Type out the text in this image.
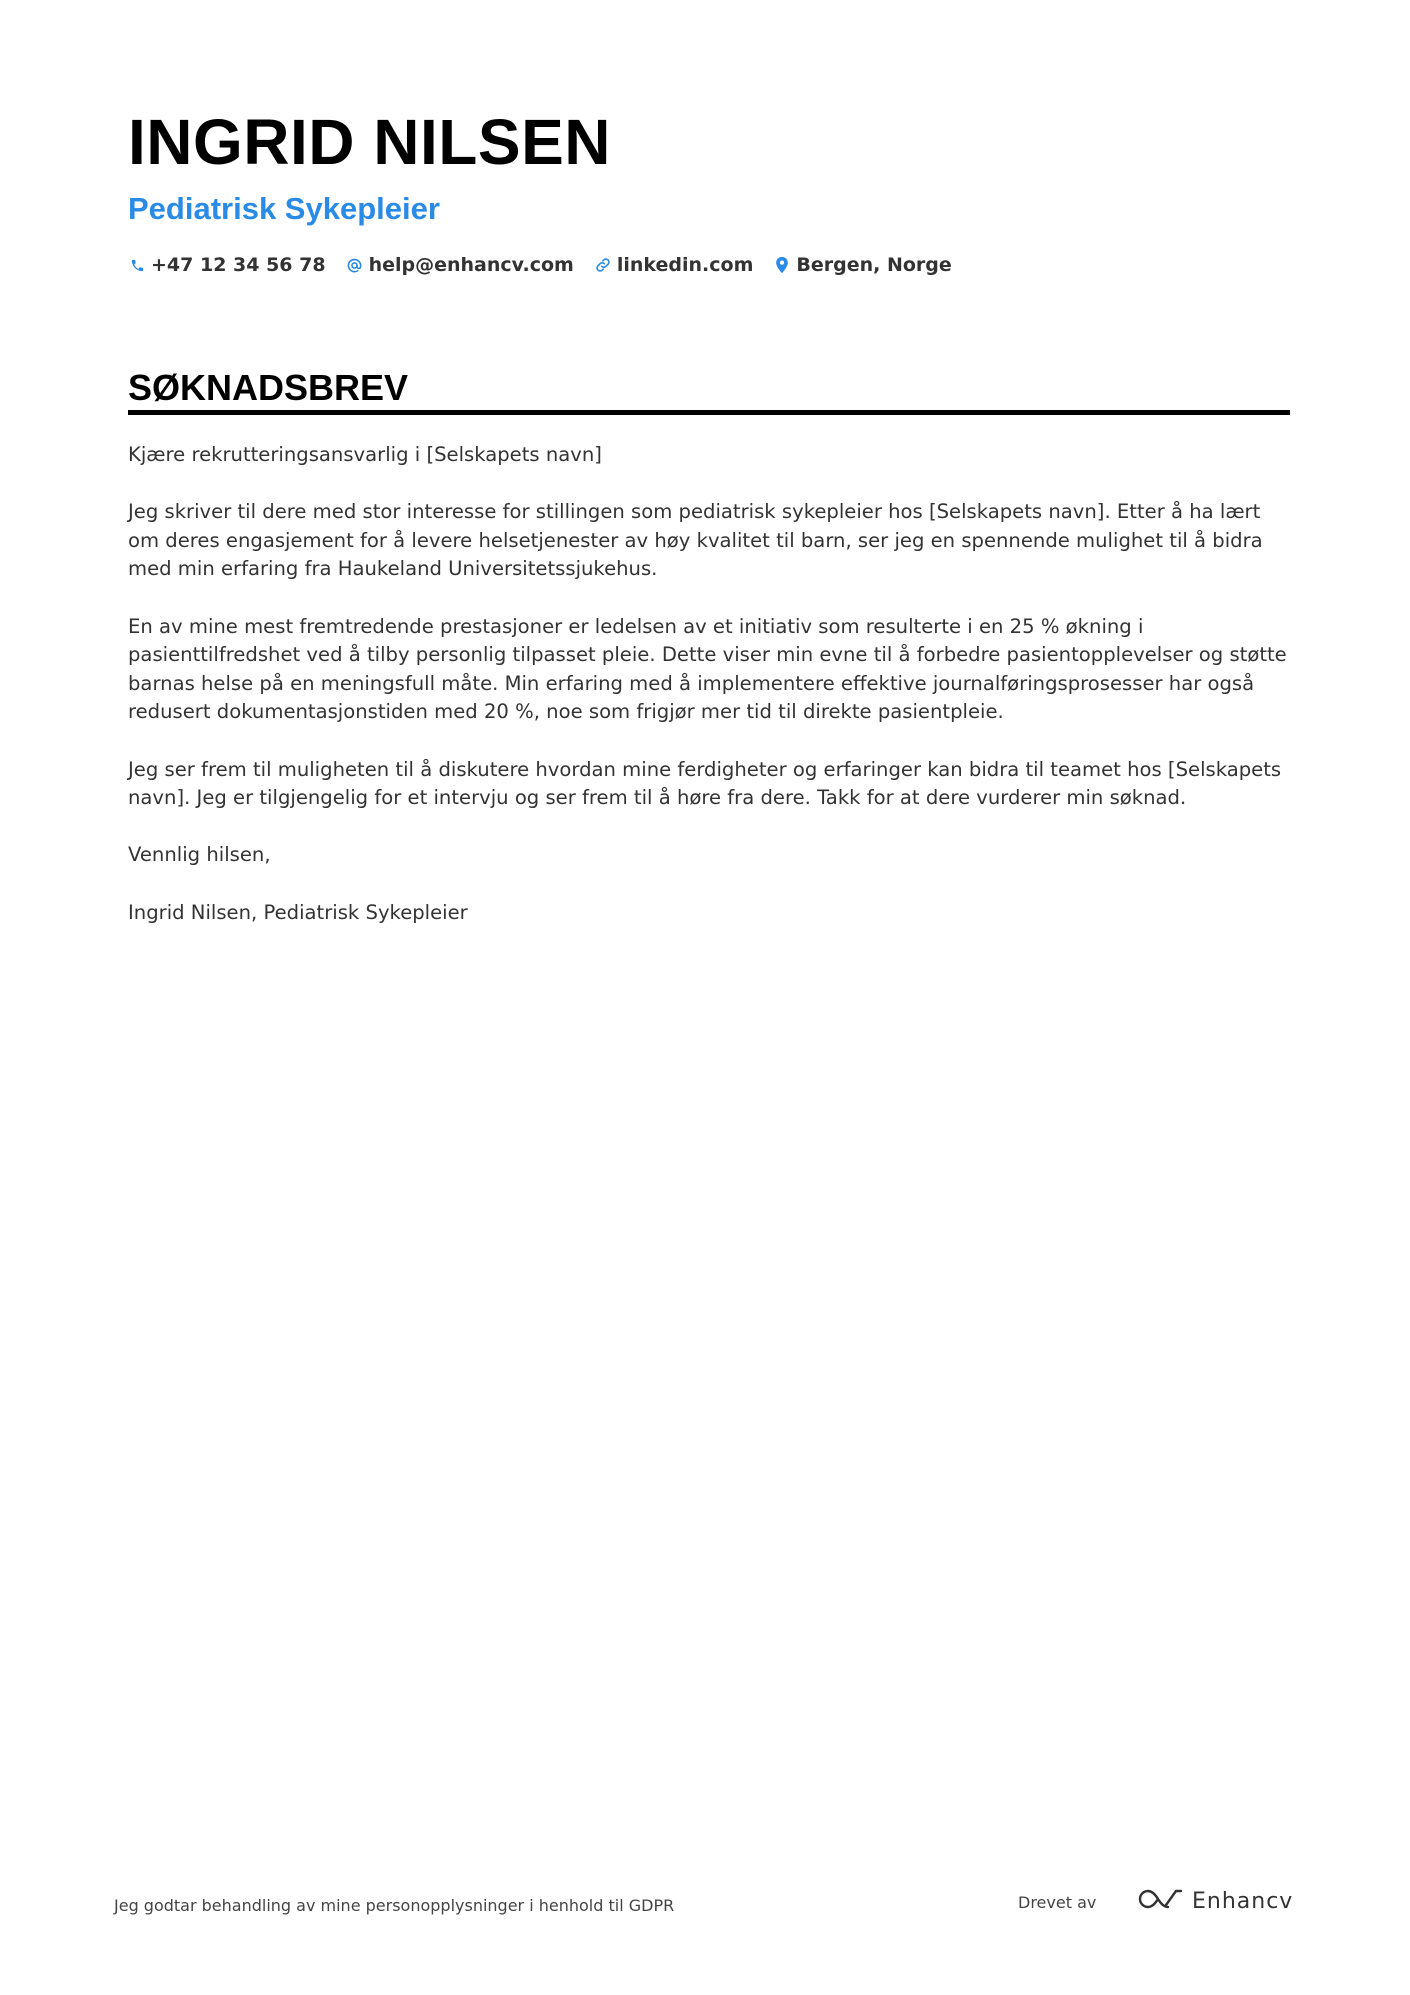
INGRID NILSEN
Pediatrisk Sykepleier
+47 12 34 56 78 help@enhancv.com linkedin.com Bergen, Norge
SØKNADSBREV

Kjære rekrutteringsansvarlig i [Selskapets navn]

Jeg skriver til dere med stor interesse for stillingen som pediatrisk sykepleier hos [Selskapets navn]. Etter å ha lært om deres engasjement for å levere helsetjenester av høy kvalitet til barn, ser jeg en spennende mulighet til å bidra med min erfaring fra Haukeland Universitetssjukehus.

En av mine mest fremtredende prestasjoner er ledelsen av et initiativ som resulterte i en 25 % økning i pasienttilfredshet ved å tilby personlig tilpasset pleie. Dette viser min evne til å forbedre pasientopplevelser og støtte barnas helse på en meningsfull måte. Min erfaring med å implementere effektive journalføringsprosesser har også redusert dokumentasjonstiden med 20 %, noe som frigjør mer tid til direkte pasientpleie.

Jeg ser frem til muligheten til å diskutere hvordan mine ferdigheter og erfaringer kan bidra til teamet hos [Selskapets navn]. Jeg er tilgjengelig for et intervju og ser frem til å høre fra dere. Takk for at dere vurderer min søknad.

Vennlig hilsen,

Ingrid Nilsen, Pediatrisk Sykepleier

Jeg godtar behandling av mine personopplysninger i henhold til GDPR	Drevet av	Enhancv
